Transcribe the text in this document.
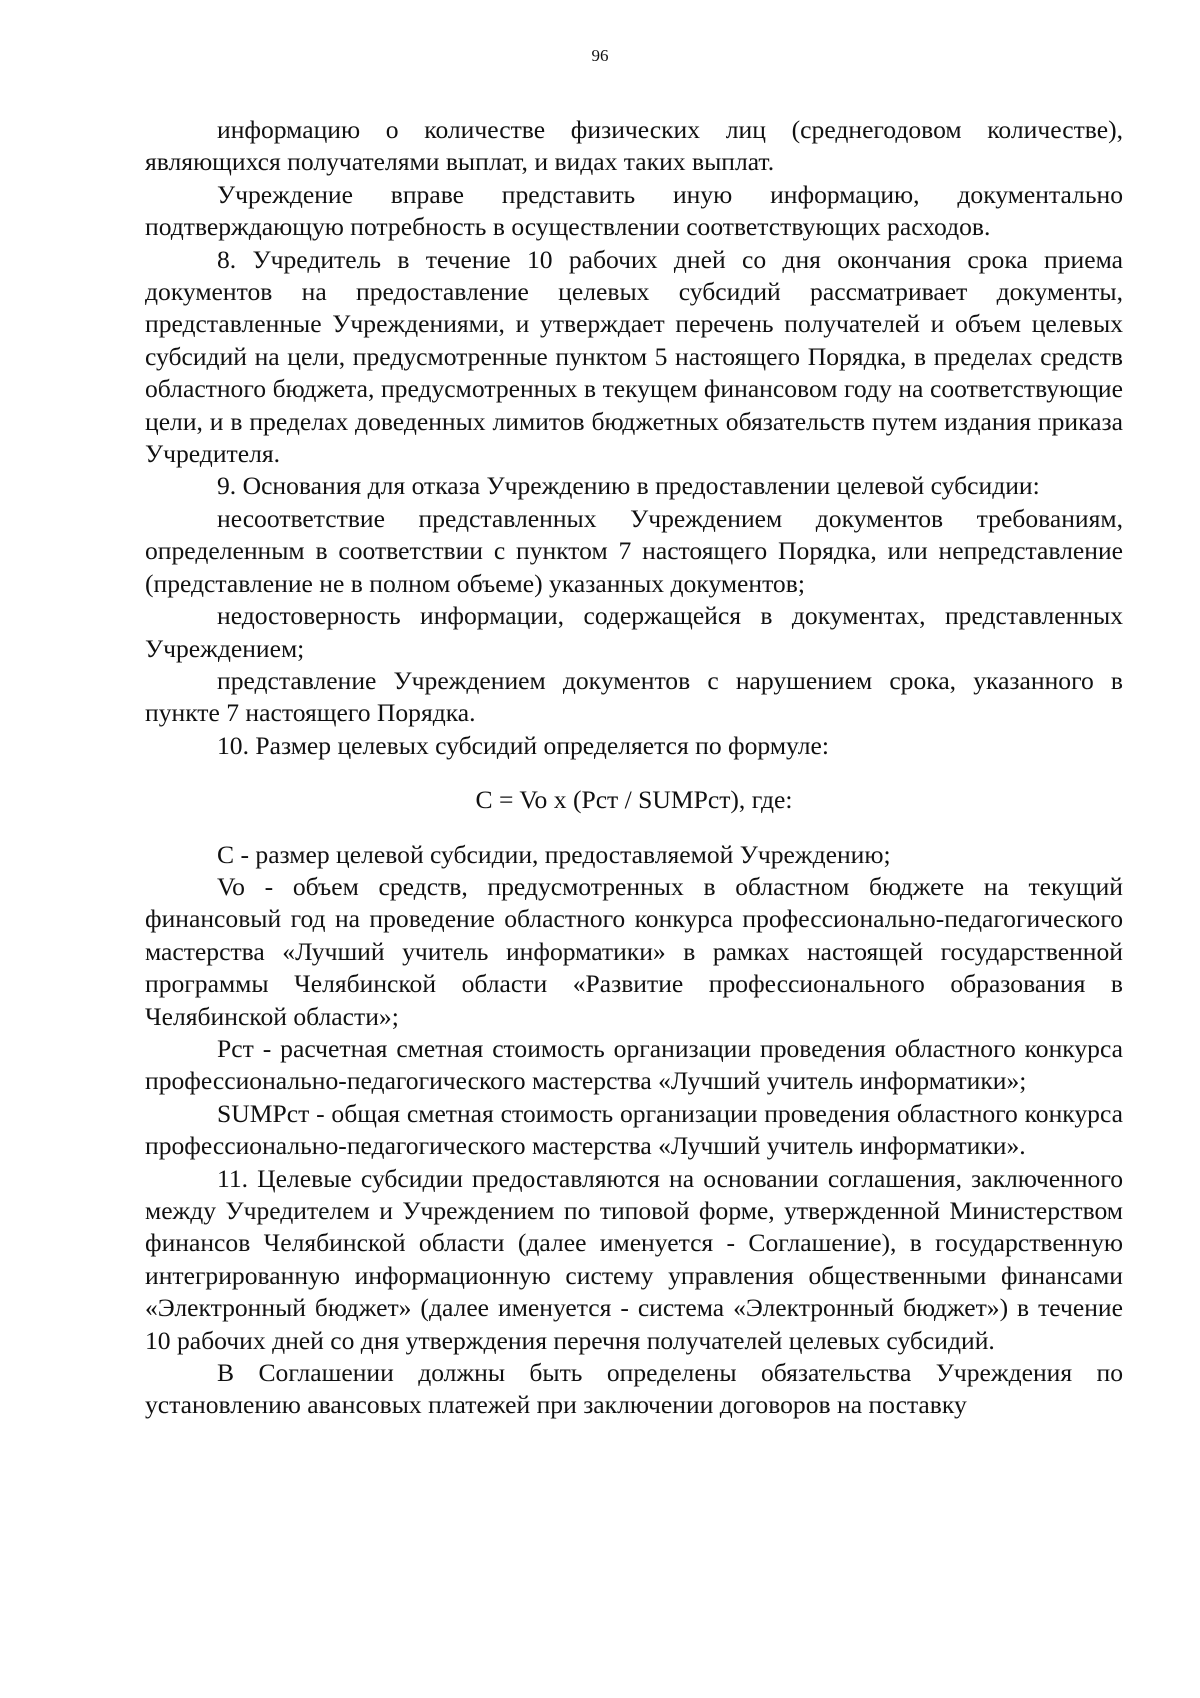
96

информацию о количестве физических лиц (среднегодовом количестве), являющихся получателями выплат, и видах таких выплат.

Учреждение вправе представить иную информацию, документально подтверждающую потребность в осуществлении соответствующих расходов.

8. Учредитель в течение 10 рабочих дней со дня окончания срока приема документов на предоставление целевых субсидий рассматривает документы, представленные Учреждениями, и утверждает перечень получателей и объем целевых субсидий на цели, предусмотренные пунктом 5 настоящего Порядка, в пределах средств областного бюджета, предусмотренных в текущем финансовом году на соответствующие цели, и в пределах доведенных лимитов бюджетных обязательств путем издания приказа Учредителя.

9. Основания для отказа Учреждению в предоставлении целевой субсидии:

несоответствие представленных Учреждением документов требованиям, определенным в соответствии с пунктом 7 настоящего Порядка, или непредставление (представление не в полном объеме) указанных документов;

недостоверность информации, содержащейся в документах, представленных Учреждением;

представление Учреждением документов с нарушением срока, указанного в пункте 7 настоящего Порядка.

10. Размер целевых субсидий определяется по формуле:

C = Vo x (Рст / SUMРст), где:

C - размер целевой субсидии, предоставляемой Учреждению;

Vo - объем средств, предусмотренных в областном бюджете на текущий финансовый год на проведение областного конкурса профессионально-педагогического мастерства «Лучший учитель информатики» в рамках настоящей государственной программы Челябинской области «Развитие профессионального образования в Челябинской области»;

Рст - расчетная сметная стоимость организации проведения областного конкурса профессионально-педагогического мастерства «Лучший учитель информатики»;

SUMРст - общая сметная стоимость организации проведения областного конкурса профессионально-педагогического мастерства «Лучший учитель информатики».

11. Целевые субсидии предоставляются на основании соглашения, заключенного между Учредителем и Учреждением по типовой форме, утвержденной Министерством финансов Челябинской области (далее именуется - Соглашение), в государственную интегрированную информационную систему управления общественными финансами «Электронный бюджет» (далее именуется - система «Электронный бюджет») в течение 10 рабочих дней со дня утверждения перечня получателей целевых субсидий.

В Соглашении должны быть определены обязательства Учреждения по установлению авансовых платежей при заключении договоров на поставку
